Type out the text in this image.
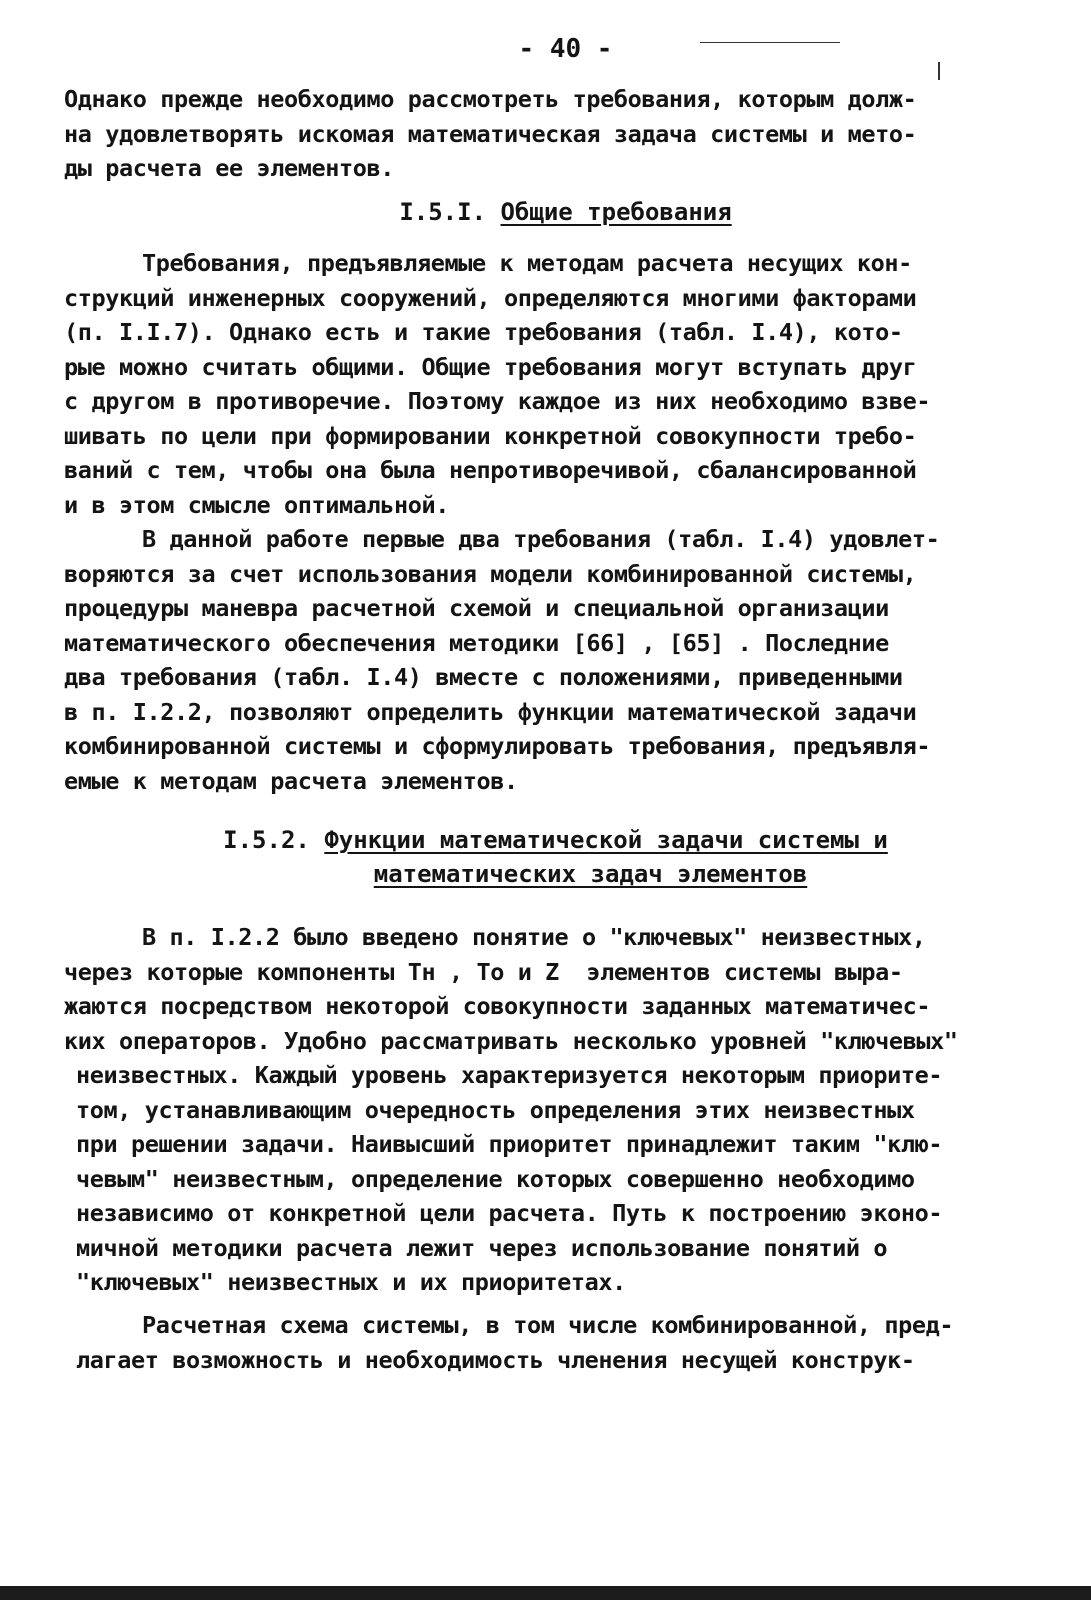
- 40 -
Однако прежде необходимо рассмотреть требования, которым долж-
на удовлетворять искомая математическая задача системы и мето-
ды расчета ее элементов.
I.5.I. Общие требования
Требования, предъявляемые к методам расчета несущих кон-
струкций инженерных сооружений, определяются многими факторами
(п. I.I.7). Однако есть и такие требования (табл. I.4), кото-
рые можно считать общими. Общие требования могут вступать друг
с другом в противоречие. Поэтому каждое из них необходимо взве-
шивать по цели при формировании конкретной совокупности требо-
ваний с тем, чтобы она была непротиворечивой, сбалансированной
и в этом смысле оптимальной.
В данной работе первые два требования (табл. I.4) удовлет-
воряются за счет использования модели комбинированной системы,
процедуры маневра расчетной схемой и специальной организации
математического обеспечения методики [66] , [65] . Последние
два требования (табл. I.4) вместе с положениями, приведенными
в п. I.2.2, позволяют определить функции математической задачи
комбинированной системы и сформулировать требования, предъявля-
емые к методам расчета элементов.
I.5.2. Функции математической задачи системы и
математических задач элементов
В п. I.2.2 было введено понятие о "ключевых" неизвестных,
через которые компоненты Тн , То и Z  элементов системы выра-
жаются посредством некоторой совокупности заданных математичес-
ких операторов. Удобно рассматривать несколько уровней "ключевых"
неизвестных. Каждый уровень характеризуется некоторым приорите-
том, устанавливающим очередность определения этих неизвестных
при решении задачи. Наивысший приоритет принадлежит таким "клю-
чевым" неизвестным, определение которых совершенно необходимо
независимо от конкретной цели расчета. Путь к построению эконо-
мичной методики расчета лежит через использование понятий о
"ключевых" неизвестных и их приоритетах.
Расчетная схема системы, в том числе комбинированной, пред-
лагает возможность и необходимость членения несущей конструк-
